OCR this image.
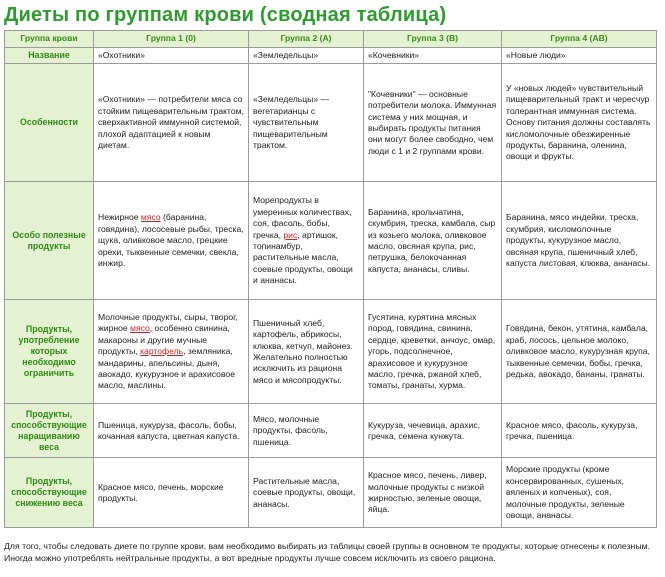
Диеты по группам крови (сводная таблица)
Группа крови	Группа 1 (0)	Группа 2 (А)	Группа 3 (В)	Группа 4 (АВ)
Название	«Охотники»	«Земледельцы»	«Кочевники»	«Новые люди»
Особенности	«Охотники» — потребители мяса со стойким пищеварительным трактом, сверхактивной иммунной системой, плохой адаптацией к новым диетам.	«Земледельцы» — вегетарианцы с чувствительным пищеварительным трактом.	"Кочевники" — основные потребители молока. Иммунная система у них мощная, и выбирать продукты питания они могут более свободно, чем люди с 1 и 2 группами крови.	У «новых людей» чувствительный пищеварительный тракт и чересчур толерантная иммунная система. Основу питания должны составлять кисломолочные обезжиренные продукты, баранина, оленина, овощи и фрукты.
Особо полезные продукты	Нежирное мясо (баранина, говядина), лососевые рыбы, треска, щука, оливковое масло, грецкие орехи, тыквенные семечки, свекла, инжир.	Морепродукты в умеренных количествах, соя, фасоль, бобы, гречка, рис, артишок, топинамбур, растительные масла, соевые продукты, овощи и ананасы.	Баранина, крольчатина, скумбрия, треска, камбала, сыр из козьего молока, оливковое масло, овсяная крупа, рис, петрушка, белокочанная капуста, ананасы, сливы.	Баранина, мясо индейки, треска, скумбрия, кисломолочные продукты, кукурузное масло, овсяная крупа, пшеничный хлеб, капуста листовая, клюква, ананасы.
Продукты, употребление которых необходимо ограничить	Молочные продукты, сыры, творог, жирное мясо, особенно свинина, макароны и другие мучные продукты, картофель, земляника, мандарины, апельсины, дыня, авокадо, кукурузное и арахисовое масло, маслины.	Пшеничный хлеб, картофель, абрикосы, клюква, кетчуп, майонез. Желательно полностью исключить из рациона мясо и мясопродукты.	Гусятина, курятина мясных пород, говядина, свинина, сердце, креветки, анчоус, омар, угорь, подсолнечное, арахисовое и кукурузное масло, гречка, ржаной хлеб, томаты, гранаты, хурма.	Говядина, бекон, утятина, камбала, краб, лосось, цельное молоко, оливковое масло, кукурузная крупа, тыквенные семечки, бобы, гречка, редька, авокадо, бананы, гранаты.
Продукты, способствующие наращиванию веса	Пшеница, кукуруза, фасоль, бобы, кочанная капуста, цветная капуста.	Мясо, молочные продукты, фасоль, пшеница.	Кукуруза, чечевица, арахис, гречка, семена кунжута.	Красное мясо, фасоль, кукуруза, гречка, пшеница.
Продукты, способствующие снижению веса	Красное мясо, печень, морские продукты.	Растительные масла, соевые продукты, овощи, ананасы.	Красное мясо, печень, ливер, молочные продукты с низкой жирностью, зеленые овощи, яйца.	Морские продукты (кроме консервированных, сушеных, вяленых и копченых), соя, молочные продукты, зеленые овощи, ананасы.
Для того, чтобы следовать диете по группе крови, вам необходимо выбирать из таблицы своей группы в основном те продукты, которые отнесены к полезным. Иногда можно употреблять нейтральные продукты, а вот вредные продукты лучше совсем исключить из своего рациона.
